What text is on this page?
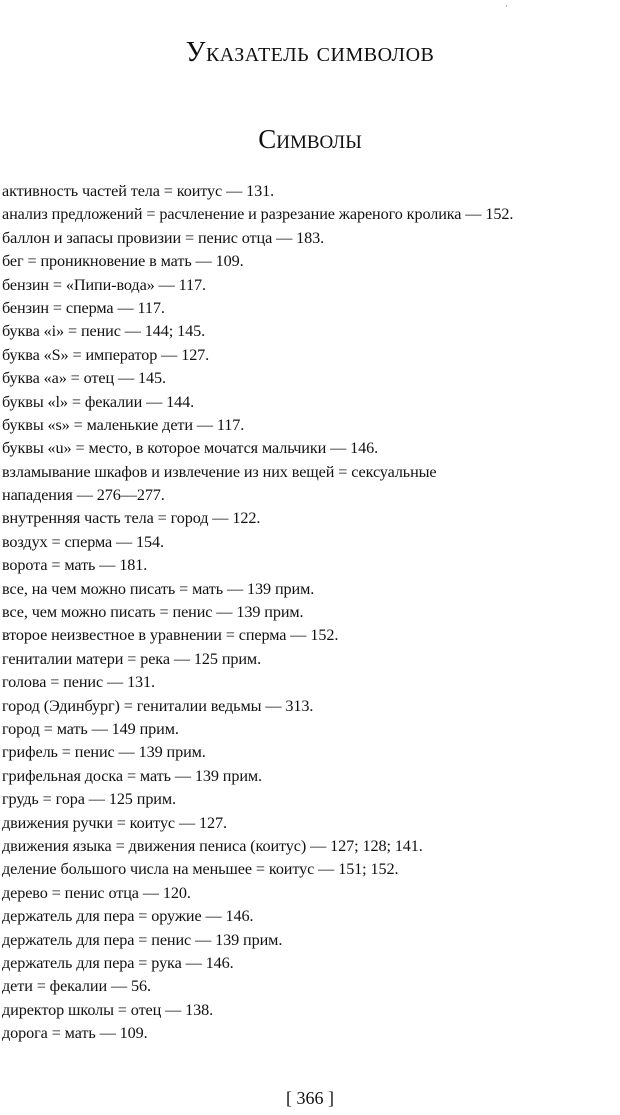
·
Указатель символов
Символы
активность частей тела = коитус — 131.
анализ предложений = расчленение и разрезание жареного кролика — 152.
баллон и запасы провизии = пенис отца — 183.
бег = проникновение в мать — 109.
бензин = «Пипи-вода» — 117.
бензин = сперма — 117.
буква «i» = пенис — 144; 145.
буква «S» = император — 127.
буква «а» = отец — 145.
буквы «l» = фекалии — 144.
буквы «s» = маленькие дети — 117.
буквы «u» = место, в которое мочатся мальчики — 146.
взламывание шкафов и извлечение из них вещей = сексуальные
нападения — 276—277.
внутренняя часть тела = город — 122.
воздух = сперма — 154.
ворота = мать — 181.
все, на чем можно писать = мать — 139 прим.
все, чем можно писать = пенис — 139 прим.
второе неизвестное в уравнении = сперма — 152.
гениталии матери = река — 125 прим.
голова = пенис — 131.
город (Эдинбург) = гениталии ведьмы — 313.
город = мать — 149 прим.
грифель = пенис — 139 прим.
грифельная доска = мать — 139 прим.
грудь = гора — 125 прим.
движения ручки = коитус — 127.
движения языка = движения пениса (коитус) — 127; 128; 141.
деление большого числа на меньшее = коитус — 151; 152.
дерево = пенис отца — 120.
держатель для пера = оружие — 146.
держатель для пера = пенис — 139 прим.
держатель для пера = рука — 146.
дети = фекалии — 56.
директор школы = отец — 138.
дорога = мать — 109.
[ 366 ]
